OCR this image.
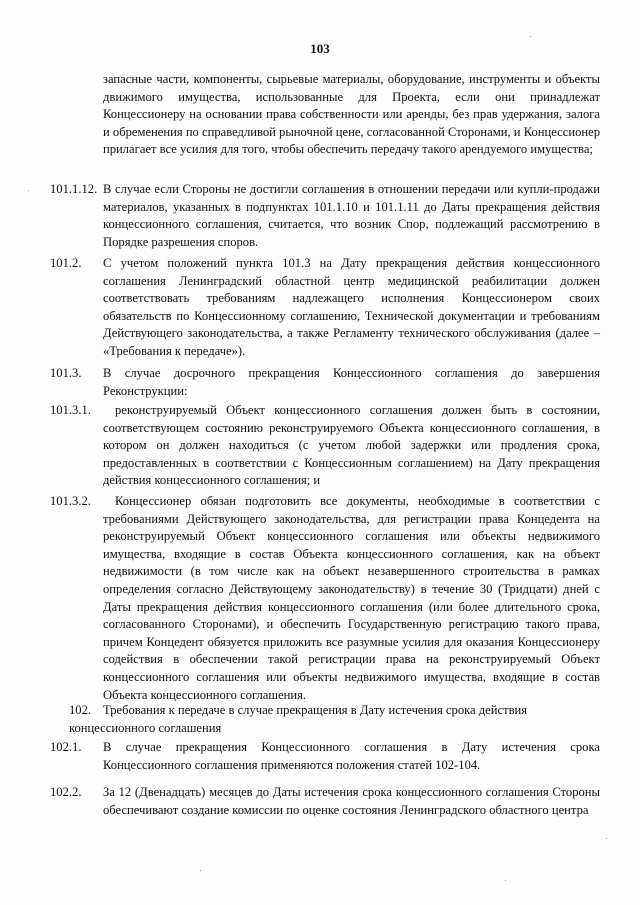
103
запасные части, компоненты, сырьевые материалы, оборудование, инструменты и объекты движимого имущества, использованные для Проекта, если они принадлежат Концессионеру на основании права собственности или аренды, без прав удержания, залога и обременения по справедливой рыночной цене, согласованной Сторонами, и Концессионер прилагает все усилия для того, чтобы обеспечить передачу такого арендуемого имущества;
101.1.12. В случае если Стороны не достигли соглашения в отношении передачи или купли-продажи материалов, указанных в подпунктах 101.1.10 и 101.1.11 до Даты прекращения действия концессионного соглашения, считается, что возник Спор, подлежащий рассмотрению в Порядке разрешения споров.
101.2. С учетом положений пункта 101.3 на Дату прекращения действия концессионного соглашения Ленинградский областной центр медицинской реабилитации должен соответствовать требованиям надлежащего исполнения Концессионером своих обязательств по Концессионному соглашению, Технической документации и требованиям Действующего законодательства, а также Регламенту технического обслуживания (далее – «Требования к передаче»).
101.3. В случае досрочного прекращения Концессионного соглашения до завершения Реконструкции:
101.3.1.	реконструируемый Объект концессионного соглашения должен быть в состоянии, соответствующем состоянию реконструируемого Объекта концессионного соглашения, в котором он должен находиться (с учетом любой задержки или продления срока, предоставленных в соответствии с Концессионным соглашением) на Дату прекращения действия концессионного соглашения; и
101.3.2.	Концессионер обязан подготовить все документы, необходимые в соответствии с требованиями Действующего законодательства, для регистрации права Концедента на реконструируемый Объект концессионного соглашения или объекты недвижимого имущества, входящие в состав Объекта концессионного соглашения, как на объект недвижимости (в том числе как на объект незавершенного строительства в рамках определения согласно Действующему законодательству) в течение 30 (Тридцати) дней с Даты прекращения действия концессионного соглашения (или более длительного срока, согласованного Сторонами), и обеспечить Государственную регистрацию такого права, причем Концедент обязуется приложить все разумные усилия для оказания Концессионеру содействия в обеспечении такой регистрации права на реконструируемый Объект концессионного соглашения или объекты недвижимого имущества, входящие в состав Объекта концессионного соглашения.
102. Требования к передаче в случае прекращения в Дату истечения срока действия концессионного соглашения
102.1. В случае прекращения Концессионного соглашения в Дату истечения срока Концессионного соглашения применяются положения статей 102-104.
102.2. За 12 (Двенадцать) месяцев до Даты истечения срока концессионного соглашения Стороны обеспечивают создание комиссии по оценке состояния Ленинградского областного центра
